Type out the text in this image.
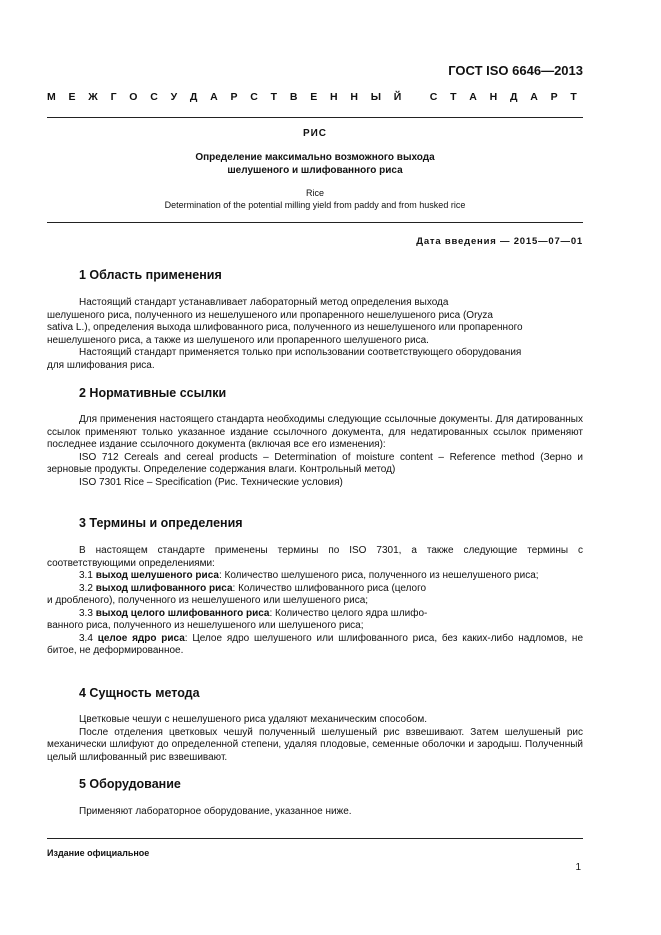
ГОСТ ISO 6646—2013
М Е Ж Г О С У Д А Р С Т В Е Н Н Ы Й
	С Т А Н Д А Р Т
РИС
Определение максимально возможного выхода
шелушеного и шлифованного риса
Rice
Determination of the potential milling yield from paddy and from husked rice
Дата введения — 2015—07—01
1 Область применения
Настоящий стандарт устанавливает лабораторный метод определения выхода
шелушеного риса, полученного из нешелушеного или пропаренного нешелушеного риса (Oryza
sativa L.), определения выхода шлифованного риса, полученного из нешелушеного или пропаренного
нешелушеного риса, а также из шелушеного или пропаренного шелушеного риса.
Настоящий стандарт применяется только при использовании соответствующего оборудования
для шлифования риса.
2 Нормативные ссылки
Для применения настоящего стандарта необходимы следующие ссылочные документы. Для датированных ссылок применяют только указанное издание ссылочного документа, для недатированных ссылок применяют последнее издание ссылочного документа (включая все его изменения):
ISO 712 Cereals and cereal products – Determination of moisture content – Reference method (Зерно и зерновые продукты. Определение содержания влаги. Контрольный метод)
ISO 7301 Rice – Specification (Рис. Технические условия)
3 Термины и определения
В настоящем стандарте применены термины по ISO 7301, а также следующие термины с соответствующими определениями:
3.1 выход шелушеного риса: Количество шелушеного риса, полученного из нешелушеного риса;
3.2 выход шлифованного риса: Количество шлифованного риса (целого
и дробленого), полученного из нешелушеного или шелушеного риса;
3.3 выход целого шлифованного риса: Количество целого ядра шлифо-
ванного риса, полученного из нешелушеного или шелушеного риса;
3.4 целое ядро риса: Целое ядро шелушеного или шлифованного риса, без каких-либо надломов, не битое, не деформированное.
4 Сущность метода
Цветковые чешуи с нешелушеного риса удаляют механическим способом.
После отделения цветковых чешуй полученный шелушеный рис взвешивают. Затем шелушеный рис механически шлифуют до определенной степени, удаляя плодовые, семенные оболочки и зародыш. Полученный целый шлифованный рис взвешивают.
5 Оборудование
Применяют лабораторное оборудование, указанное ниже.
Издание официальное
1
